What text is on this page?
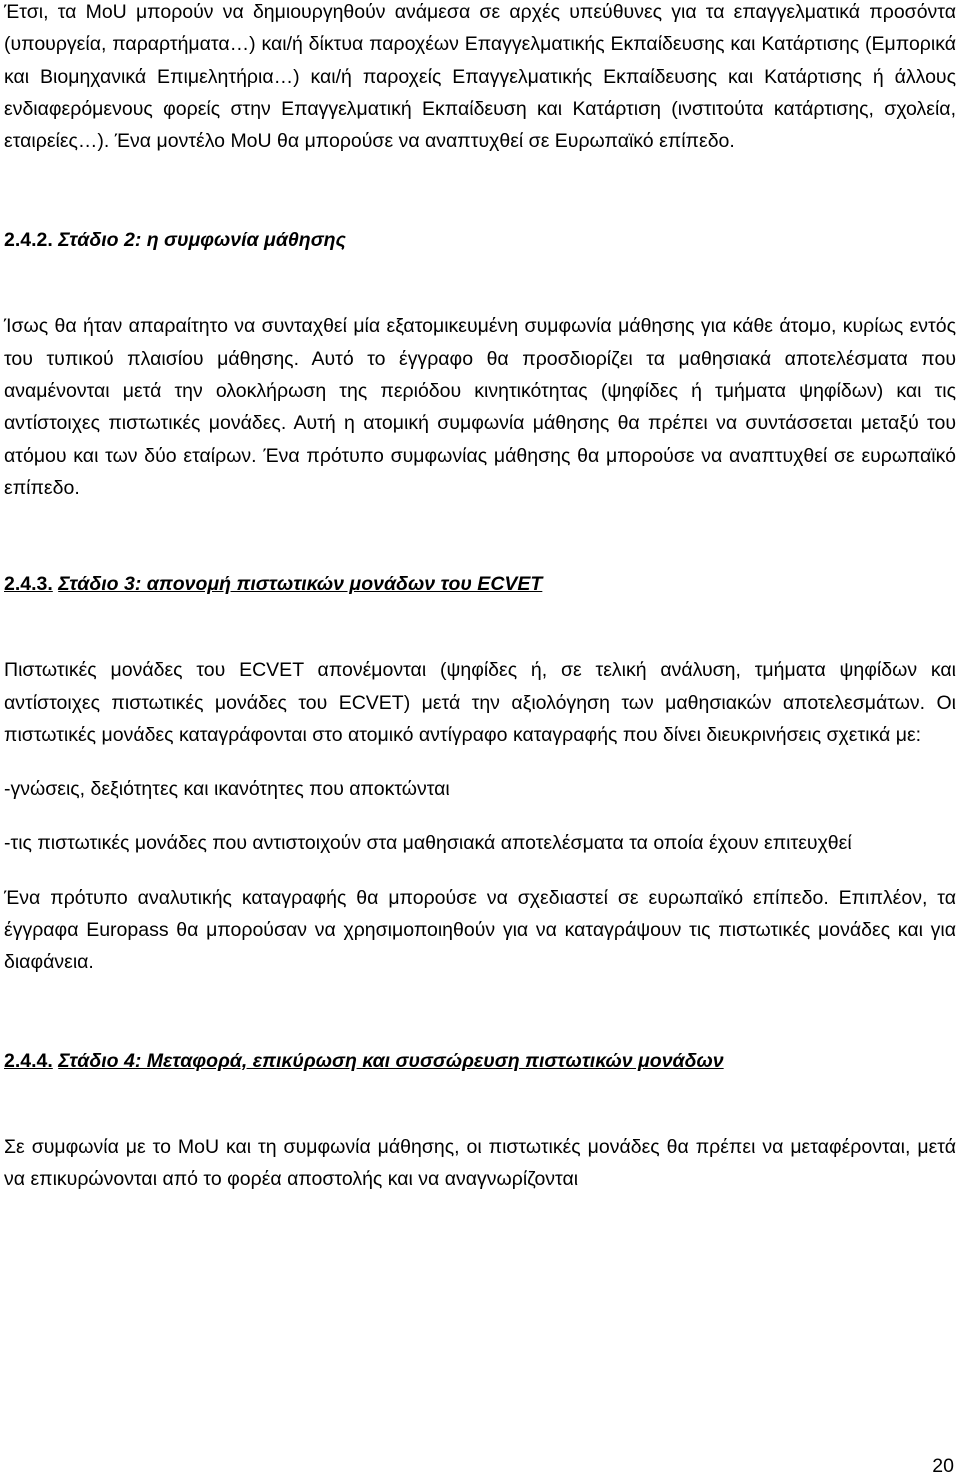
Έτσι, τα MoU μπορούν να δημιουργηθούν ανάμεσα σε αρχές υπεύθυνες για τα επαγγελματικά προσόντα (υπουργεία, παραρτήματα…) και/ή δίκτυα παροχέων Επαγγελματικής Εκπαίδευσης και Κατάρτισης (Εμπορικά και Βιομηχανικά Επιμελητήρια…) και/ή παροχείς Επαγγελματικής Εκπαίδευσης και Κατάρτισης ή άλλους ενδιαφερόμενους φορείς στην Επαγγελματική Εκπαίδευση και Κατάρτιση (ινστιτούτα κατάρτισης, σχολεία, εταιρείες…). Ένα μοντέλο MoU θα μπορούσε να αναπτυχθεί σε Ευρωπαϊκό επίπεδο.

2.4.2. Στάδιο 2: η συμφωνία μάθησης

Ίσως θα ήταν απαραίτητο να συνταχθεί μία εξατομικευμένη συμφωνία μάθησης για κάθε άτομο, κυρίως εντός του τυπικού πλαισίου μάθησης. Αυτό το έγγραφο θα προσδιορίζει τα μαθησιακά αποτελέσματα που αναμένονται μετά την ολοκλήρωση της περιόδου κινητικότητας (ψηφίδες ή τμήματα ψηφίδων) και τις αντίστοιχες πιστωτικές μονάδες. Αυτή η ατομική συμφωνία μάθησης θα πρέπει να συντάσσεται μεταξύ του ατόμου και των δύο εταίρων. Ένα πρότυπο συμφωνίας μάθησης θα μπορούσε να αναπτυχθεί σε ευρωπαϊκό επίπεδο.

2.4.3. Στάδιο 3: απονομή πιστωτικών μονάδων του ECVET

Πιστωτικές μονάδες του ECVET απονέμονται (ψηφίδες ή, σε τελική ανάλυση, τμήματα ψηφίδων και αντίστοιχες πιστωτικές μονάδες του ECVET) μετά την αξιολόγηση των μαθησιακών αποτελεσμάτων. Οι πιστωτικές μονάδες καταγράφονται στο ατομικό αντίγραφο καταγραφής που δίνει διευκρινήσεις σχετικά με:

-γνώσεις, δεξιότητες και ικανότητες που αποκτώνται

-τις πιστωτικές μονάδες που αντιστοιχούν στα μαθησιακά αποτελέσματα τα οποία έχουν επιτευχθεί

Ένα πρότυπο αναλυτικής καταγραφής θα μπορούσε να σχεδιαστεί σε ευρωπαϊκό επίπεδο. Επιπλέον, τα έγγραφα Europass θα μπορούσαν να χρησιμοποιηθούν για να καταγράψουν τις πιστωτικές μονάδες και για διαφάνεια.

2.4.4. Στάδιο 4: Μεταφορά, επικύρωση και συσσώρευση πιστωτικών μονάδων

Σε συμφωνία με το MoU και τη συμφωνία μάθησης, οι πιστωτικές μονάδες θα πρέπει να μεταφέρονται, μετά να επικυρώνονται από το φορέα αποστολής και να αναγνωρίζονται

20
